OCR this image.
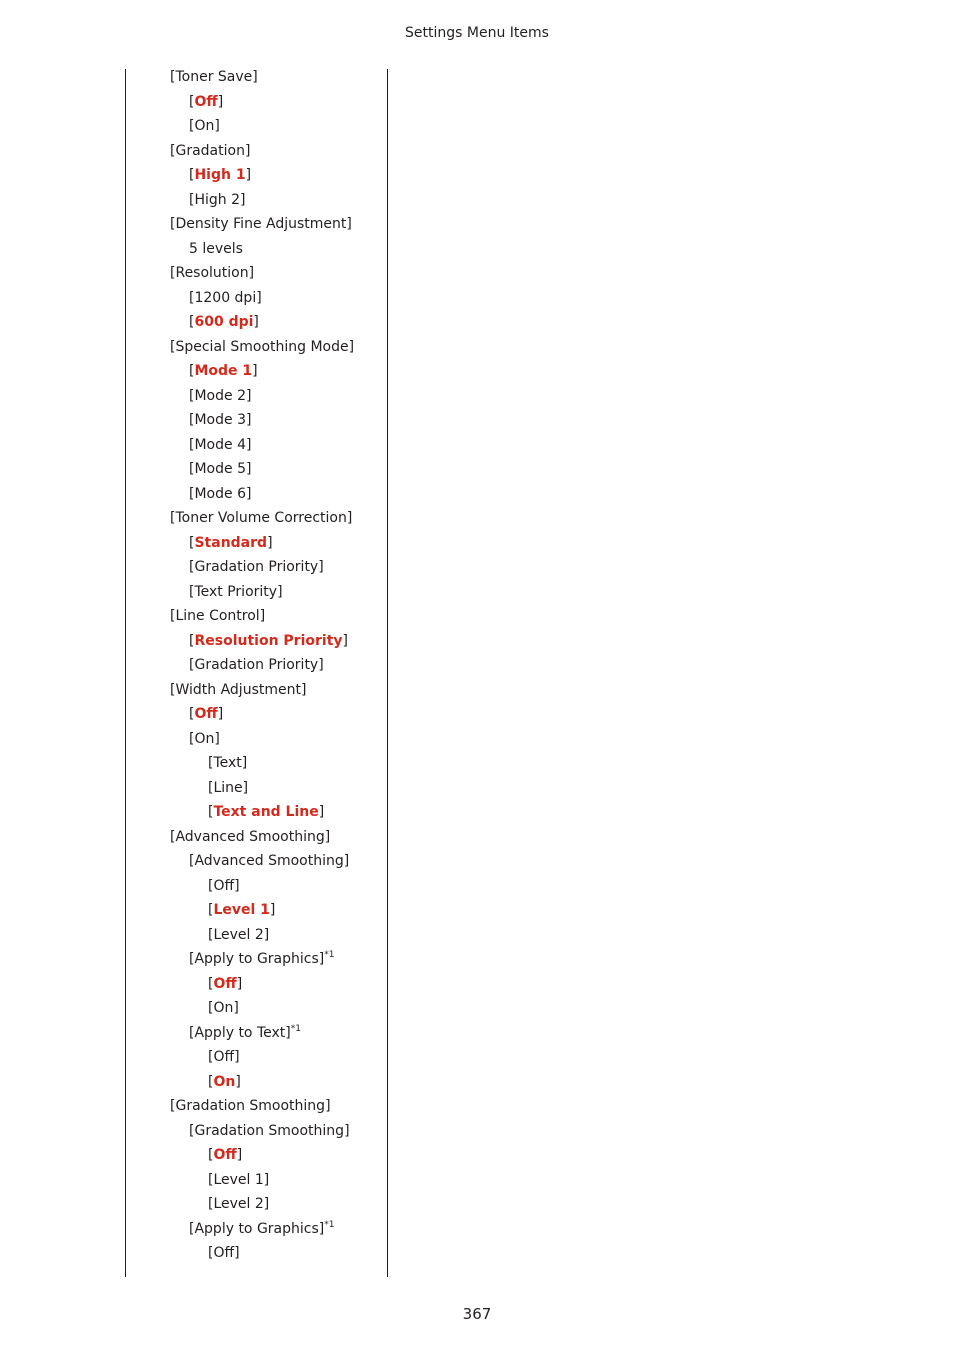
Settings Menu Items
[Toner Save]
[Off]
[On]
[Gradation]
[High 1]
[High 2]
[Density Fine Adjustment]
5 levels
[Resolution]
[1200 dpi]
[600 dpi]
[Special Smoothing Mode]
[Mode 1]
[Mode 2]
[Mode 3]
[Mode 4]
[Mode 5]
[Mode 6]
[Toner Volume Correction]
[Standard]
[Gradation Priority]
[Text Priority]
[Line Control]
[Resolution Priority]
[Gradation Priority]
[Width Adjustment]
[Off]
[On]
[Text]
[Line]
[Text and Line]
[Advanced Smoothing]
[Advanced Smoothing]
[Off]
[Level 1]
[Level 2]
[Apply to Graphics]$^{*1}$
[Off]
[On]
[Apply to Text]$^{*1}$
[Off]
[On]
[Gradation Smoothing]
[Gradation Smoothing]
[Off]
[Level 1]
[Level 2]
[Apply to Graphics]$^{*1}$
[Off]
367
